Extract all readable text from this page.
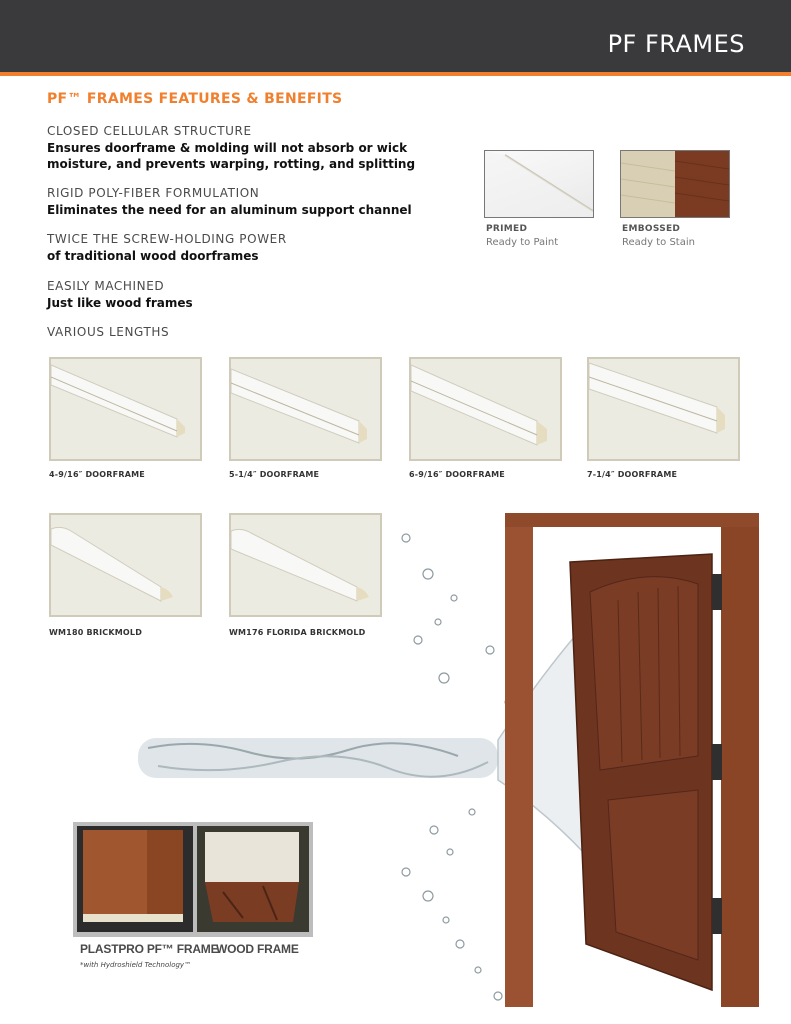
PF FRAMES
PF™ FRAMES FEATURES & BENEFITS
CLOSED CELLULAR STRUCTURE
Ensures doorframe & molding will not absorb or wick moisture, and prevents warping, rotting, and splitting
RIGID POLY-FIBER FORMULATION
Eliminates the need for an aluminum support channel
TWICE THE SCREW-HOLDING POWER
of traditional wood doorframes
EASILY MACHINED
Just like wood frames
VARIOUS LENGTHS
PRIMED
Ready to Paint
EMBOSSED
Ready to Stain
4-9/16″ DOORFRAME	5-1/4″ DOORFRAME	6-9/16″ DOORFRAME	7-1/4″ DOORFRAME
WM180 BRICKMOLD	WM176 FLORIDA BRICKMOLD
PLASTPRO PF™ FRAME
*with Hydroshield Technology™
WOOD FRAME
